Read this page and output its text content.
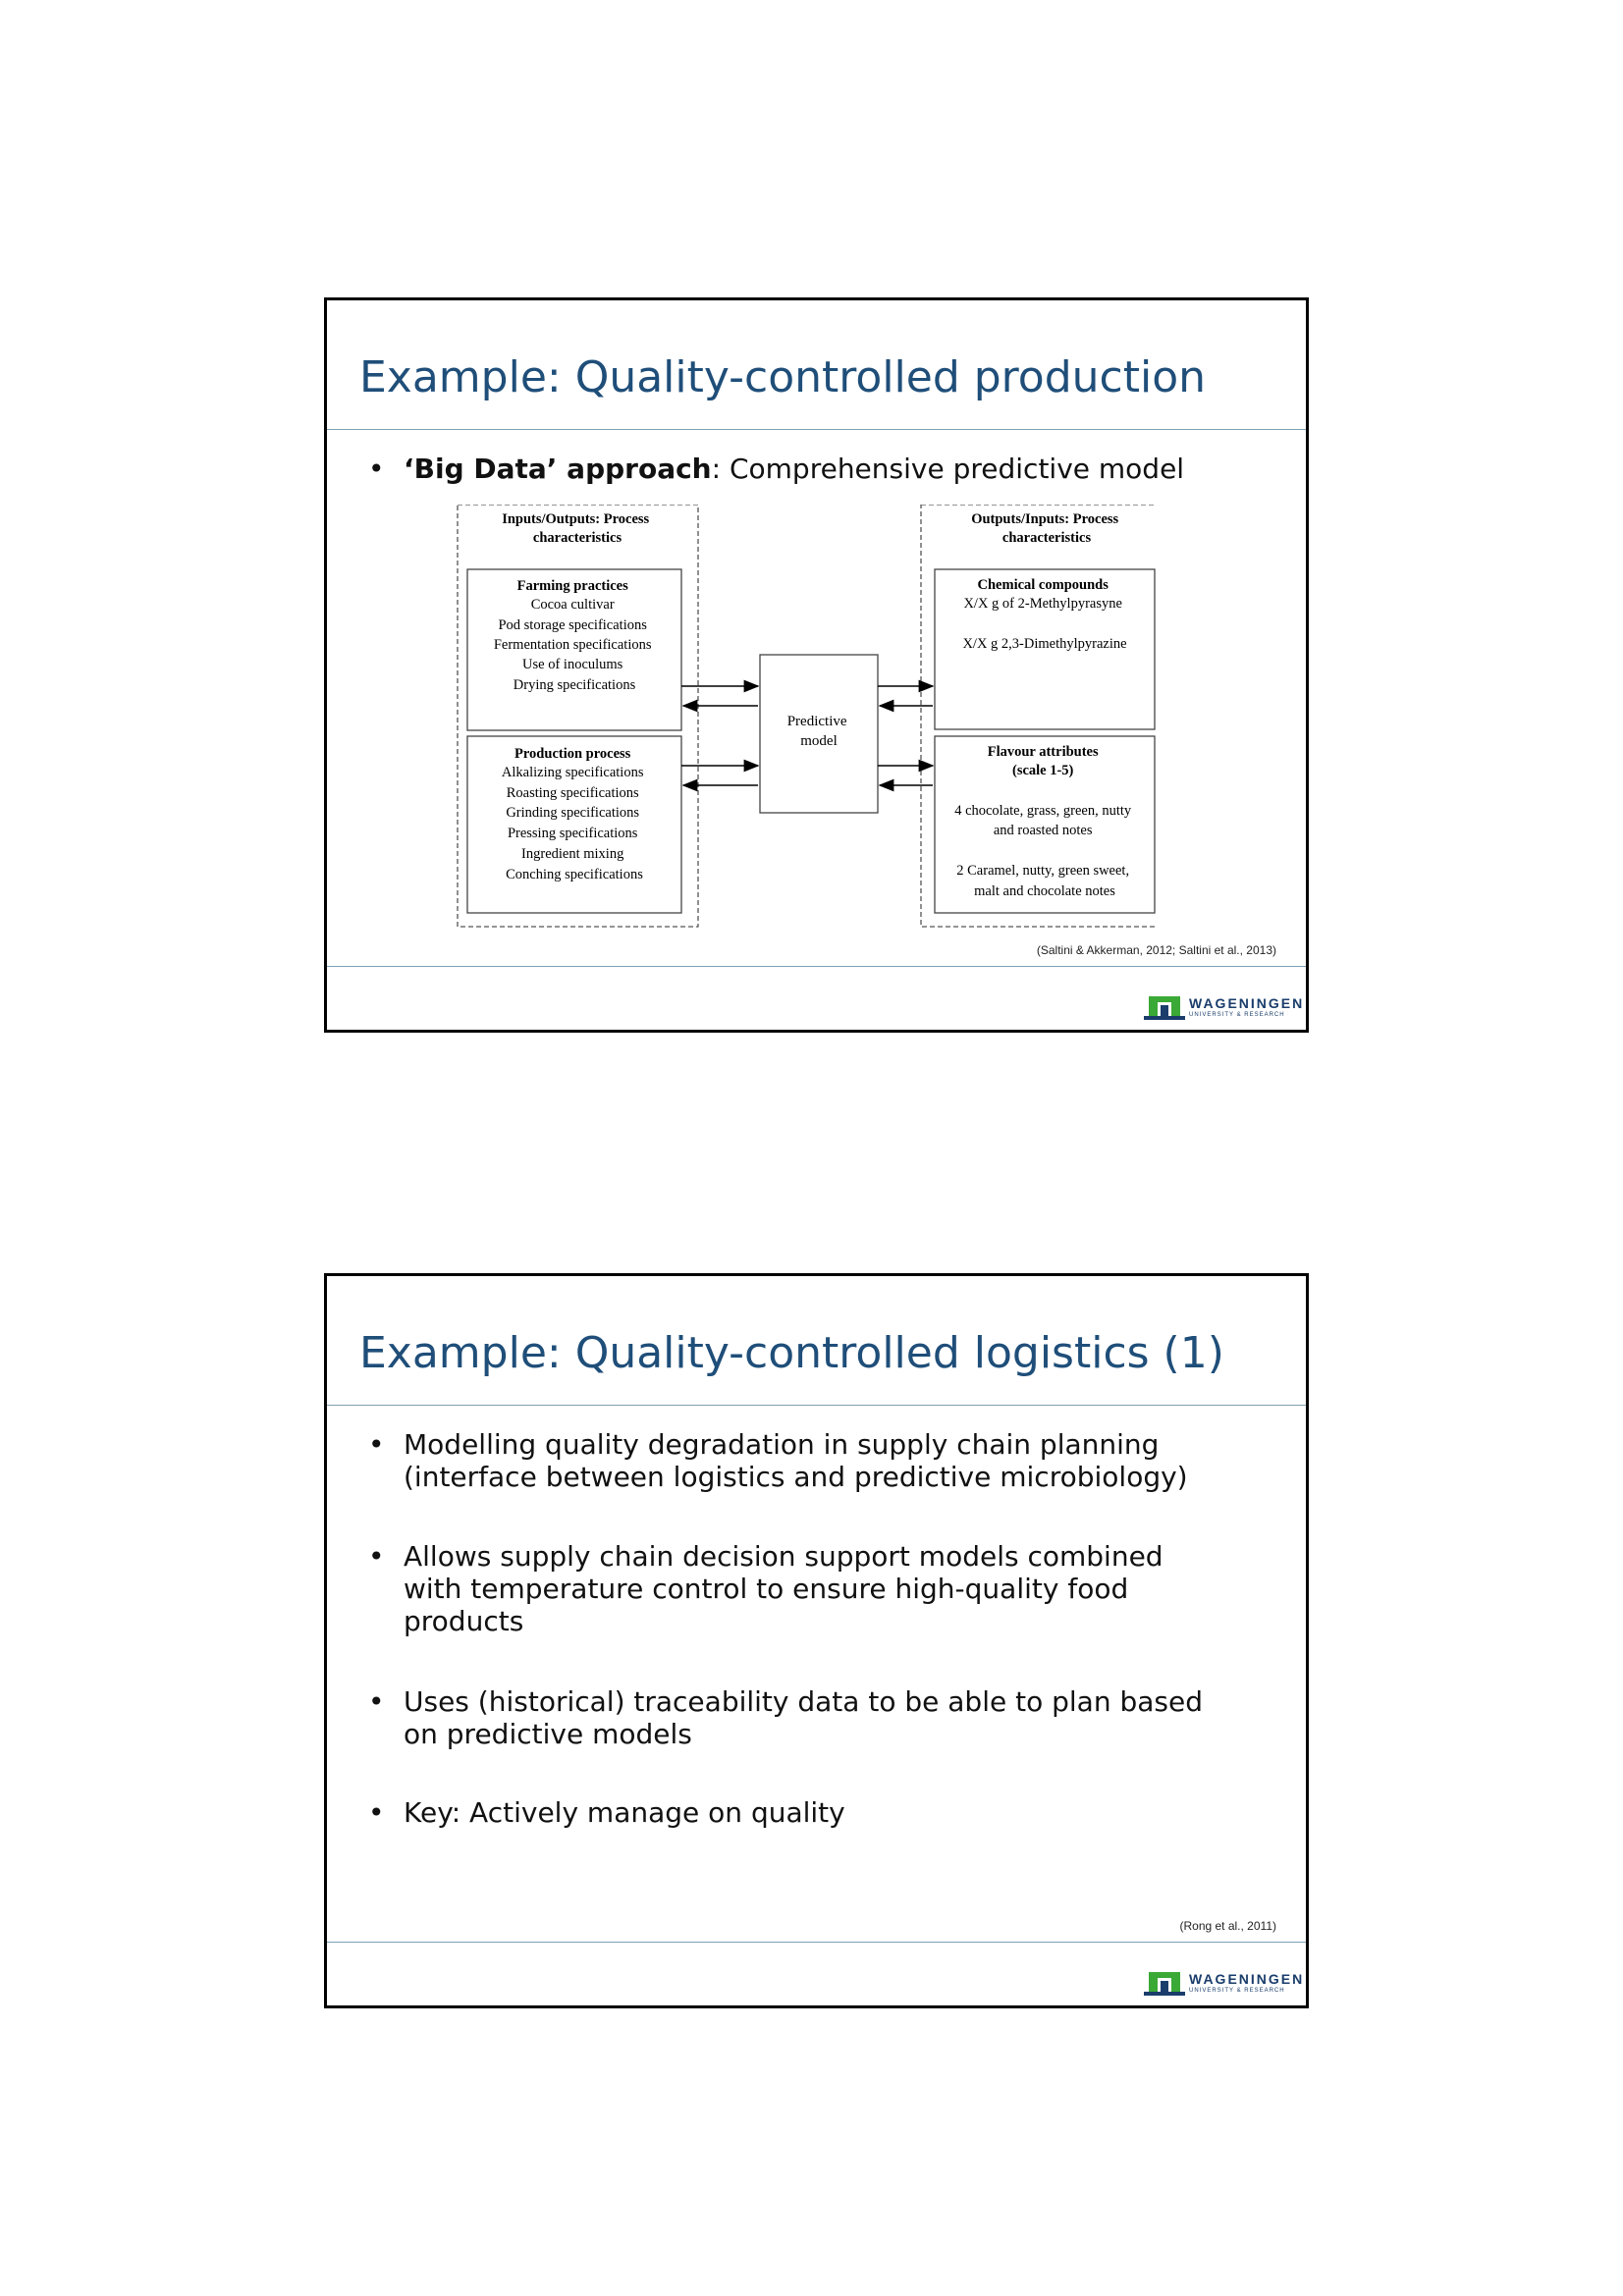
Example: Quality-controlled production
• ‘Big Data’ approach: Comprehensive predictive model
Inputs/Outputs: Process characteristics
Farming practices Cocoa cultivar Pod storage specifications Fermentation specifications Use of inoculums Drying specifications
Production process Alkalizing specifications Roasting specifications Grinding specifications Pressing specifications Ingredient mixing Conching specifications
Predictive model
Outputs/Inputs: Process characteristics
Chemical compounds X/X g of 2-Methylpyrasyne X/X g 2,3-Dimethylpyrazine
Flavour attributes (scale 1-5) 4 chocolate, grass, green, nutty and roasted notes 2 Caramel, nutty, green sweet, malt and chocolate notes
(Saltini & Akkerman, 2012; Saltini et al., 2013)
WAGENINGEN
UNIVERSITY & RESEARCH
Example: Quality-controlled logistics (1)
• Modelling quality degradation in supply chain planning
(interface between logistics and predictive microbiology)
• Allows supply chain decision support models combined
with temperature control to ensure high-quality food
products
• Uses (historical) traceability data to be able to plan based
on predictive models
• Key: Actively manage on quality
(Rong et al., 2011)
WAGENINGEN
UNIVERSITY & RESEARCH
